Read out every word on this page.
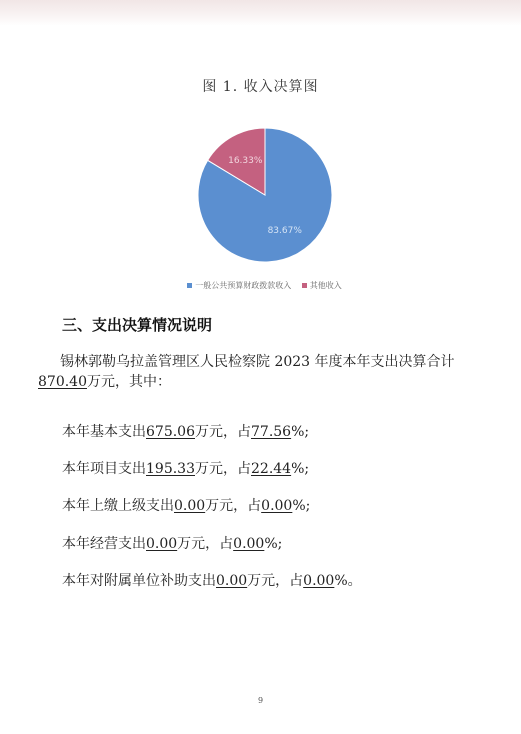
图 1. 收入决算图
83.67%
16.33%
一般公共预算财政拨款收入 其他收入
三、支出决算情况说明
锡林郭勒乌拉盖管理区人民检察院 2023 年度本年支出决算合计
870.40万元，其中：
本年基本支出675.06万元，占77.56%;
本年项目支出195.33万元，占22.44%;
本年上缴上级支出0.00万元，占0.00%;
本年经营支出0.00万元，占0.00%;
本年对附属单位补助支出0.00万元，占0.00%。
9
